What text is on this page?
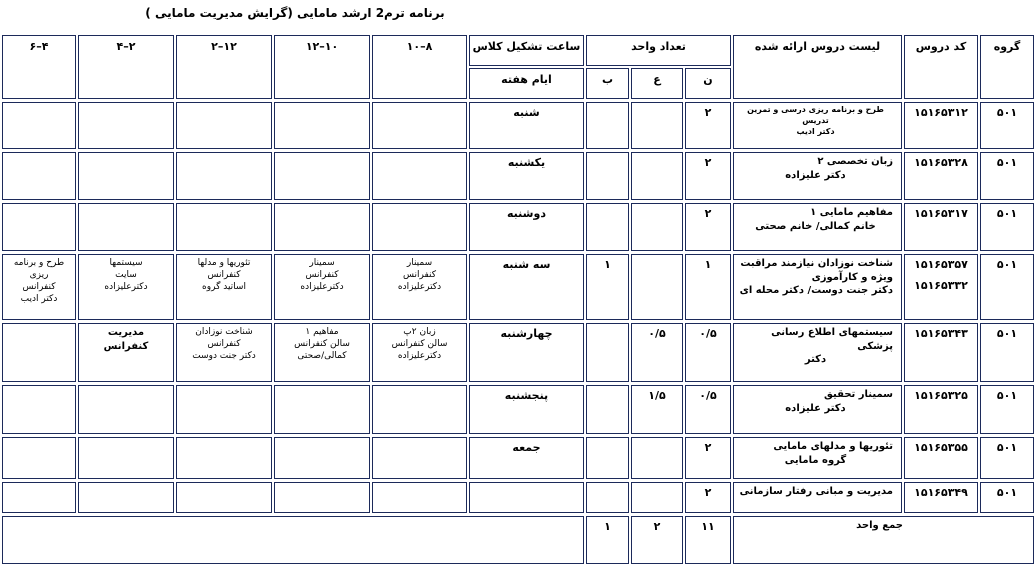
برنامه ترم2 ارشد مامایی (گرایش مدیریت مامایی )
گروه
کد دروس
لیست دروس ارائه شده
تعداد واحد
ن
ع
ب
ساعت تشکیل کلاس
ایام هفته
۸–۱۰
۱۰–۱۲
۱۲–۲
۲–۴
۴–۶
۵۰۱
۱۵۱۶۵۳۱۲
طرح و برنامه ریزی درسی و تمرین تدریس
دکتر ادیب
۲
شنبه
۵۰۱
۱۵۱۶۵۳۲۸
زبان تخصصی ۲
دکتر علیزاده
۲
یکشنبه
۵۰۱
۱۵۱۶۵۳۱۷
مفاهیم مامایی ۱
خانم کمالی/ خانم صحتی
۲
دوشنبه
۵۰۱
۱۵۱۶۵۳۵۷
۱۵۱۶۵۳۳۲
شناخت نوزادان نیازمند مراقبت
ویژه و کارآموزی
دکتر جنت دوست/ دکتر محله ای
۱
۱
سه شنبه
سمینار
کنفرانس
دکترعلیزاده
سمینار
کنفرانس
دکترعلیزاده
تئوریها و مدلها
کنفرانس
اساتید گروه
سیستمها
سایت
دکترعلیزاده
طرح و برنامه
ریزی
کنفرانس
دکتر ادیب
۵۰۱
۱۵۱۶۵۳۴۳
سیستمهای اطلاع رسانی پزشکی
دکتر
۰/۵
۰/۵
چهارشنبه
زبان ۲پ
سالن کنفرانس
دکترعلیزاده
مفاهیم ۱
سالن کنفرانس
کمالی/صحتی
شناخت نوزادان
کنفرانس
دکتر جنت دوست
مدیریت
کنفرانس
۵۰۱
۱۵۱۶۵۳۲۵
سمینار تحقیق
دکتر علیزاده
۰/۵
۱/۵
پنجشنبه
۵۰۱
۱۵۱۶۵۳۵۵
تئوریها و مدلهای مامایی
گروه مامایی
۲
جمعه
۵۰۱
۱۵۱۶۵۳۴۹
مدیریت و مبانی رفتار سازمانی
۲
جمع واحد
۱۱
۲
۱
